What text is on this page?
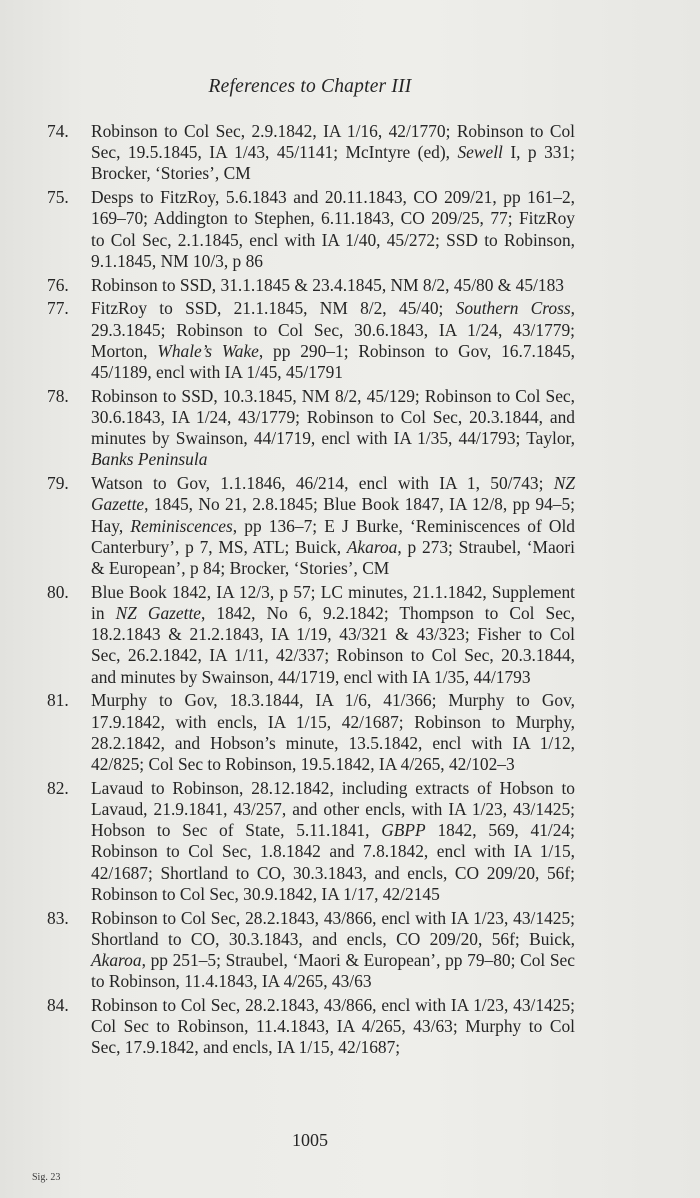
References to Chapter III
74.	Robinson to Col Sec, 2.9.1842, IA 1/16, 42/1770; Robinson to Col Sec, 19.5.1845, IA 1/43, 45/1141; McIntyre (ed), Sewell I, p 331; Brocker, ‘Stories’, CM
75.	Desps to FitzRoy, 5.6.1843 and 20.11.1843, CO 209/21, pp 161–2, 169–70; Addington to Stephen, 6.11.1843, CO 209/25, 77; FitzRoy to Col Sec, 2.1.1845, encl with IA 1/40, 45/272; SSD to Robinson, 9.1.1845, NM 10/3, p 86
76.	Robinson to SSD, 31.1.1845 & 23.4.1845, NM 8/2, 45/80 & 45/183
77.	FitzRoy to SSD, 21.1.1845, NM 8/2, 45/40; Southern Cross, 29.3.1845; Robinson to Col Sec, 30.6.1843, IA 1/24, 43/1779; Morton, Whale’s Wake, pp 290–1; Robinson to Gov, 16.7.1845, 45/1189, encl with IA 1/45, 45/1791
78.	Robinson to SSD, 10.3.1845, NM 8/2, 45/129; Robinson to Col Sec, 30.6.1843, IA 1/24, 43/1779; Robinson to Col Sec, 20.3.1844, and minutes by Swainson, 44/1719, encl with IA 1/35, 44/1793; Taylor, Banks Peninsula
79.	Watson to Gov, 1.1.1846, 46/214, encl with IA 1, 50/743; NZ Gazette, 1845, No 21, 2.8.1845; Blue Book 1847, IA 12/8, pp 94–5; Hay, Reminiscences, pp 136–7; E J Burke, ‘Reminiscences of Old Canterbury’, p 7, MS, ATL; Buick, Akaroa, p 273; Straubel, ‘Maori & European’, p 84; Brocker, ‘Stories’, CM
80.	Blue Book 1842, IA 12/3, p 57; LC minutes, 21.1.1842, Supplement in NZ Gazette, 1842, No 6, 9.2.1842; Thompson to Col Sec, 18.2.1843 & 21.2.1843, IA 1/19, 43/321 & 43/323; Fisher to Col Sec, 26.2.1842, IA 1/11, 42/337; Robinson to Col Sec, 20.3.1844, and minutes by Swainson, 44/1719, encl with IA 1/35, 44/1793
81.	Murphy to Gov, 18.3.1844, IA 1/6, 41/366; Murphy to Gov, 17.9.1842, with encls, IA 1/15, 42/1687; Robinson to Murphy, 28.2.1842, and Hobson’s minute, 13.5.1842, encl with IA 1/12, 42/825; Col Sec to Robinson, 19.5.1842, IA 4/265, 42/102–3
82.	Lavaud to Robinson, 28.12.1842, including extracts of Hobson to Lavaud, 21.9.1841, 43/257, and other encls, with IA 1/23, 43/1425; Hobson to Sec of State, 5.11.1841, GBPP 1842, 569, 41/24; Robinson to Col Sec, 1.8.1842 and 7.8.1842, encl with IA 1/15, 42/1687; Shortland to CO, 30.3.1843, and encls, CO 209/20, 56f; Robinson to Col Sec, 30.9.1842, IA 1/17, 42/2145
83.	Robinson to Col Sec, 28.2.1843, 43/866, encl with IA 1/23, 43/1425; Shortland to CO, 30.3.1843, and encls, CO 209/20, 56f; Buick, Akaroa, pp 251–5; Straubel, ‘Maori & European’, pp 79–80; Col Sec to Robinson, 11.4.1843, IA 4/265, 43/63
84.	Robinson to Col Sec, 28.2.1843, 43/866, encl with IA 1/23, 43/1425; Col Sec to Robinson, 11.4.1843, IA 4/265, 43/63; Murphy to Col Sec, 17.9.1842, and encls, IA 1/15, 42/1687;
1005
Sig. 23
